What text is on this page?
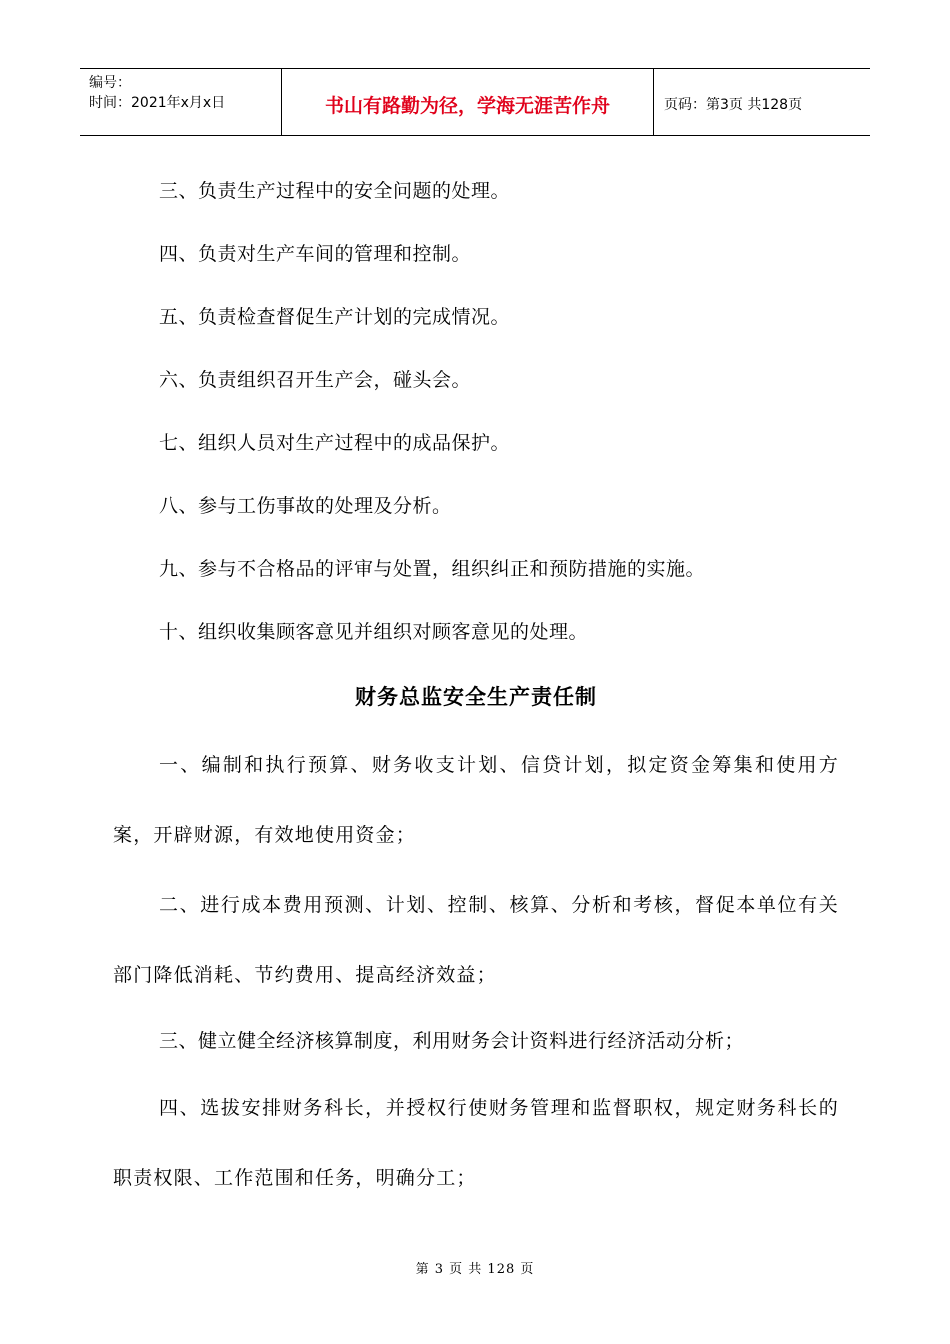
编号：
时间：2021年x月x日	书山有路勤为径，学海无涯苦作舟	页码：第3页 共128页

三、负责生产过程中的安全问题的处理。

四、负责对生产车间的管理和控制。

五、负责检查督促生产计划的完成情况。

六、负责组织召开生产会，碰头会。

七、组织人员对生产过程中的成品保护。

八、参与工伤事故的处理及分析。

九、参与不合格品的评审与处置，组织纠正和预防措施的实施。

十、组织收集顾客意见并组织对顾客意见的处理。

财务总监安全生产责任制

一、编制和执行预算、财务收支计划、信贷计划，拟定资金筹集和使用方案，开辟财源，有效地使用资金；

二、进行成本费用预测、计划、控制、核算、分析和考核，督促本单位有关部门降低消耗、节约费用、提高经济效益；

三、健立健全经济核算制度，利用财务会计资料进行经济活动分析；

四、选拔安排财务科长，并授权行使财务管理和监督职权，规定财务科长的职责权限、工作范围和任务，明确分工；

第 3 页 共 128 页
